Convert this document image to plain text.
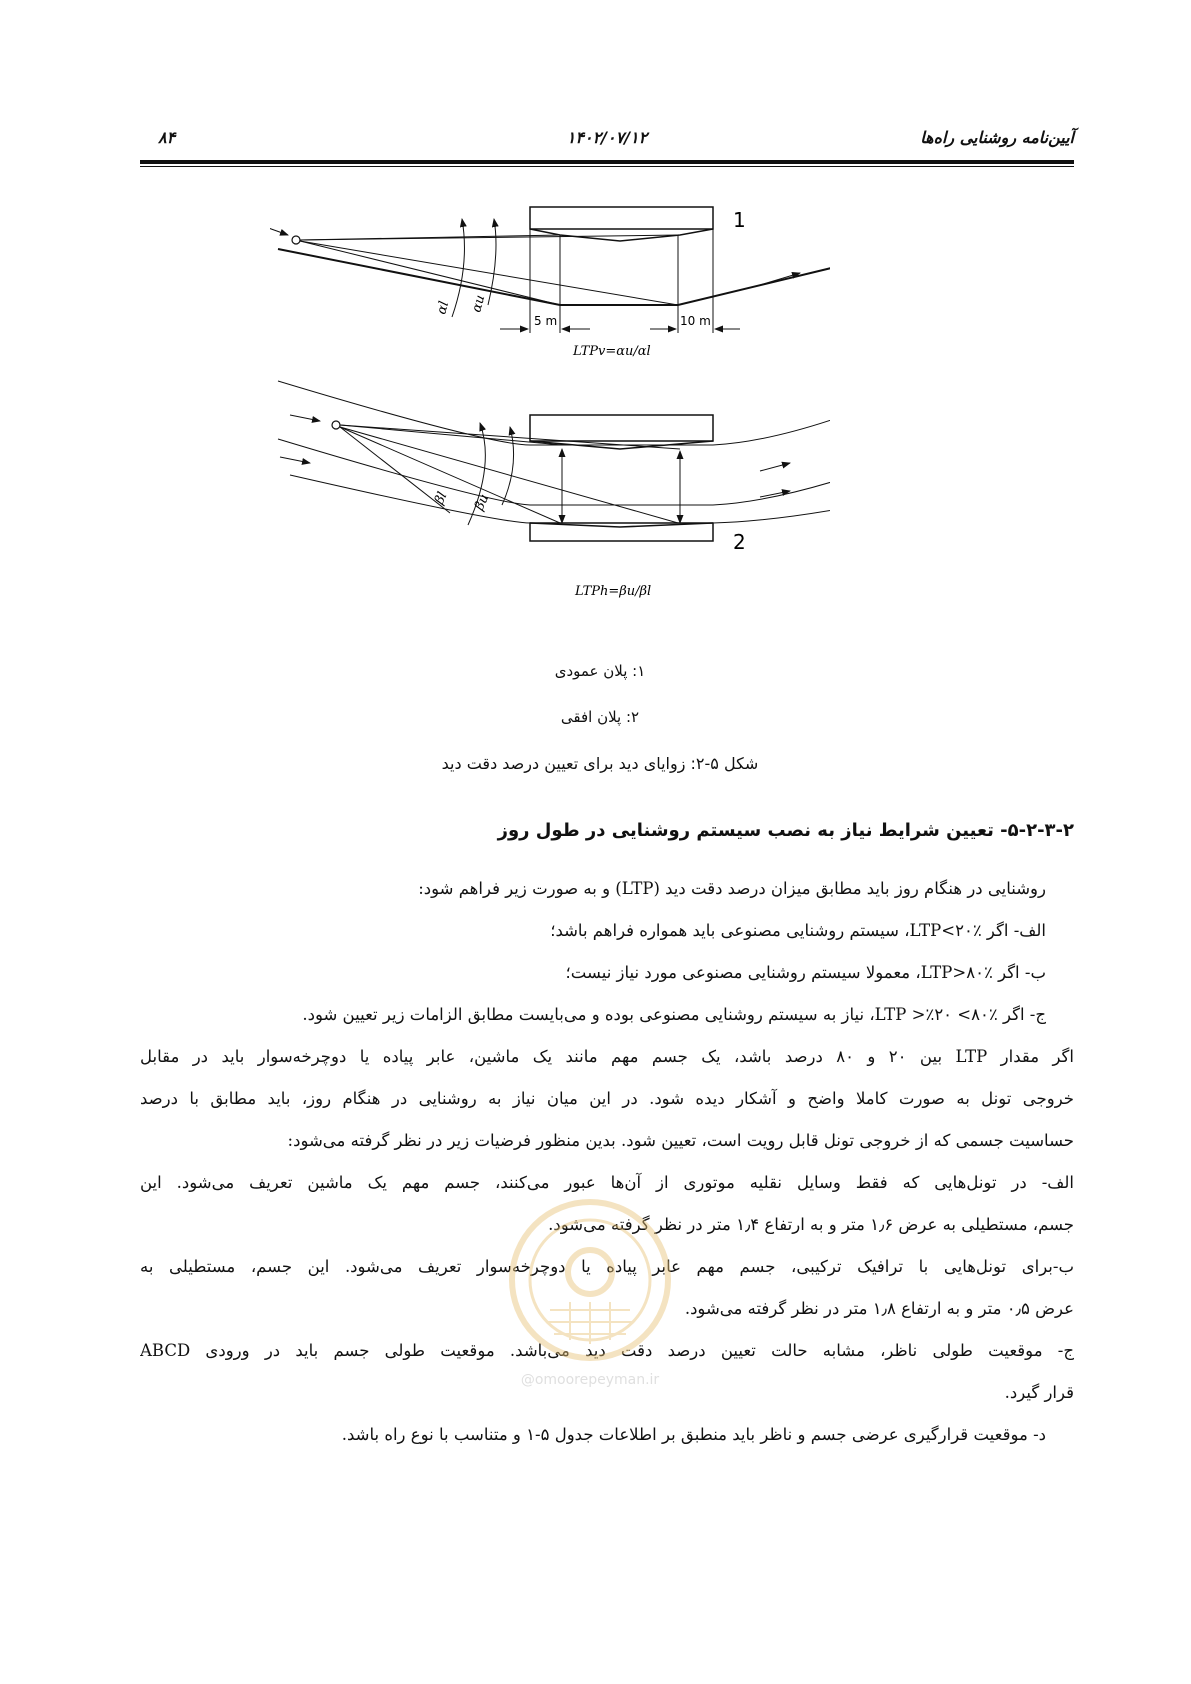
۸۴	۱۴۰۲/۰۷/۱۲	آیین‌نامه روشنایی راه‌ها
1
αl αu
5 m	10 m
LTPv=αu/αl
βl βu
2
LTPh=βu/βl
۱: پلان عمودی
۲: پلان افقی
شکل ۵-۲: زوایای دید برای تعیین درصد دقت دید
۵-۲-۳-۲- تعیین شرایط نیاز به نصب سیستم روشنایی در طول روز
روشنایی در هنگام روز باید مطابق میزان درصد دقت دید (LTP) و به صورت زیر فراهم شود:
الف- اگر ٪۲۰>LTP، سیستم روشنایی مصنوعی باید همواره فراهم باشد؛
ب- اگر ٪۸۰<LTP، معمولا سیستم روشنایی مصنوعی مورد نیاز نیست؛
ج- اگر ٪۸۰> LTP >٪۲۰، نیاز به سیستم روشنایی مصنوعی بوده و می‌بایست مطابق الزامات زیر تعیین شود.
اگر مقدار LTP بین ۲۰ و ۸۰ درصد باشد، یک جسم مهم مانند یک ماشین، عابر پیاده یا دوچرخه‌سوار باید در مقابل
خروجی تونل به صورت کاملا واضح و آشکار دیده شود. در این میان نیاز به روشنایی در هنگام روز، باید مطابق با درصد
حساسیت جسمی که از خروجی تونل قابل رویت است، تعیین شود. بدین منظور فرضیات زیر در نظر گرفته می‌شود:
الف- در تونل‌هایی که فقط وسایل نقلیه موتوری از آن‌ها عبور می‌کنند، جسم مهم یک ماشین تعریف می‌شود. این
جسم، مستطیلی به عرض ۱٫۶ متر و به ارتفاع ۱٫۴ متر در نظر گرفته می‌شود.
ب-برای تونل‌هایی با ترافیک ترکیبی، جسم مهم عابر پیاده یا دوچرخه‌سوار تعریف می‌شود. این جسم، مستطیلی به
عرض ۰٫۵ متر و به ارتفاع ۱٫۸ متر در نظر گرفته می‌شود.
ج- موقعیت طولی ناظر، مشابه حالت تعیین درصد دقت دید می‌باشد. موقعیت طولی جسم باید در ورودی ABCD
قرار گیرد.
د- موقعیت قرارگیری عرضی جسم و ناظر باید منطبق بر اطلاعات جدول ۵-۱ و متناسب با نوع راه باشد.
@omoorepeyman.ir
